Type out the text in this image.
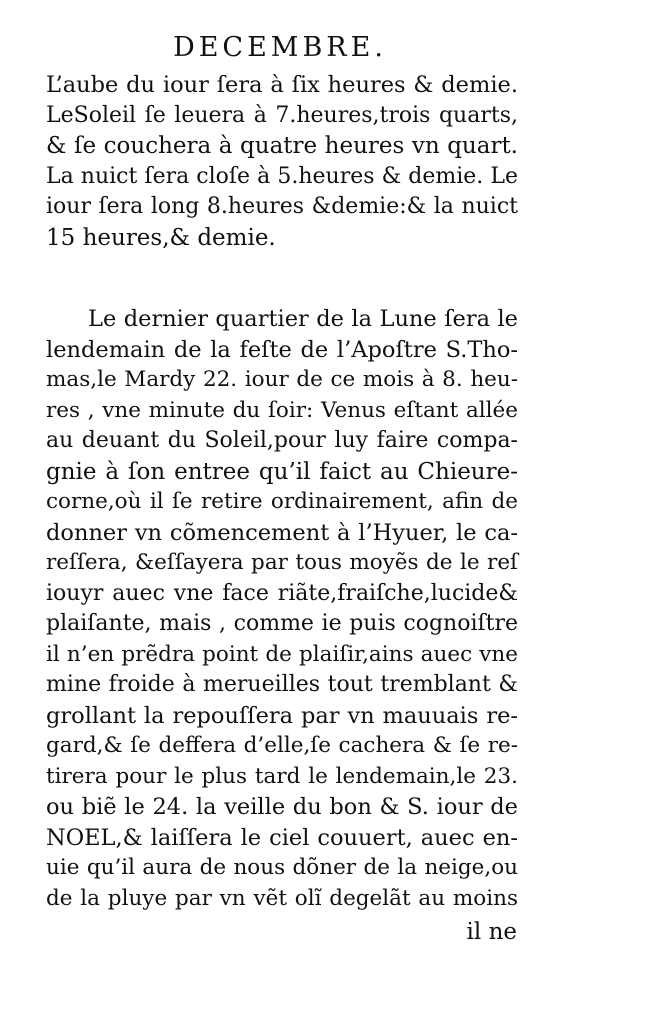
DECEMBRE.
L’aube du iour ſera à ſix heures & demie.
LeSoleil ſe leuera à 7.heures,trois quarts,
& ſe couchera à quatre heures vn quart.
La nuict ſera cloſe à 5.heures & demie. Le
iour ſera long 8.heures &demie:& la nuict
15 heures,& demie.
Le dernier quartier de la Lune ſera le
lendemain de la feſte de l’Apoſtre S.Tho-
mas,le Mardy 22. iour de ce mois à 8. heu-
res , vne minute du ſoir: Venus eſtant allée
au deuant du Soleil,pour luy faire compa-
gnie à ſon entree qu’il faict au Chieure-
corne,où il ſe retire ordinairement, afin de
donner vn cõmencement à l’Hyuer, le ca-
reſſera, &eſſayera par tous moyẽs de le reſ
iouyr auec vne face riãte,fraiſche,lucide&
plaiſante, mais , comme ie puis cognoiſtre
il n’en prẽdra point de plaiſir,ains auec vne
mine froide à merueilles tout tremblant &
grollant la repouſſera par vn mauuais re-
gard,& ſe deffera d’elle,ſe cachera & ſe re-
tirera pour le plus tard le lendemain,le 23.
ou biẽ le 24. la veille du bon & S. iour de
NOEL,& laiſſera le ciel couuert, auec en-
uie qu’il aura de nous dõner de la neige,ou
de la pluye par vn vẽt olĩ degelãt au moins
il ne
